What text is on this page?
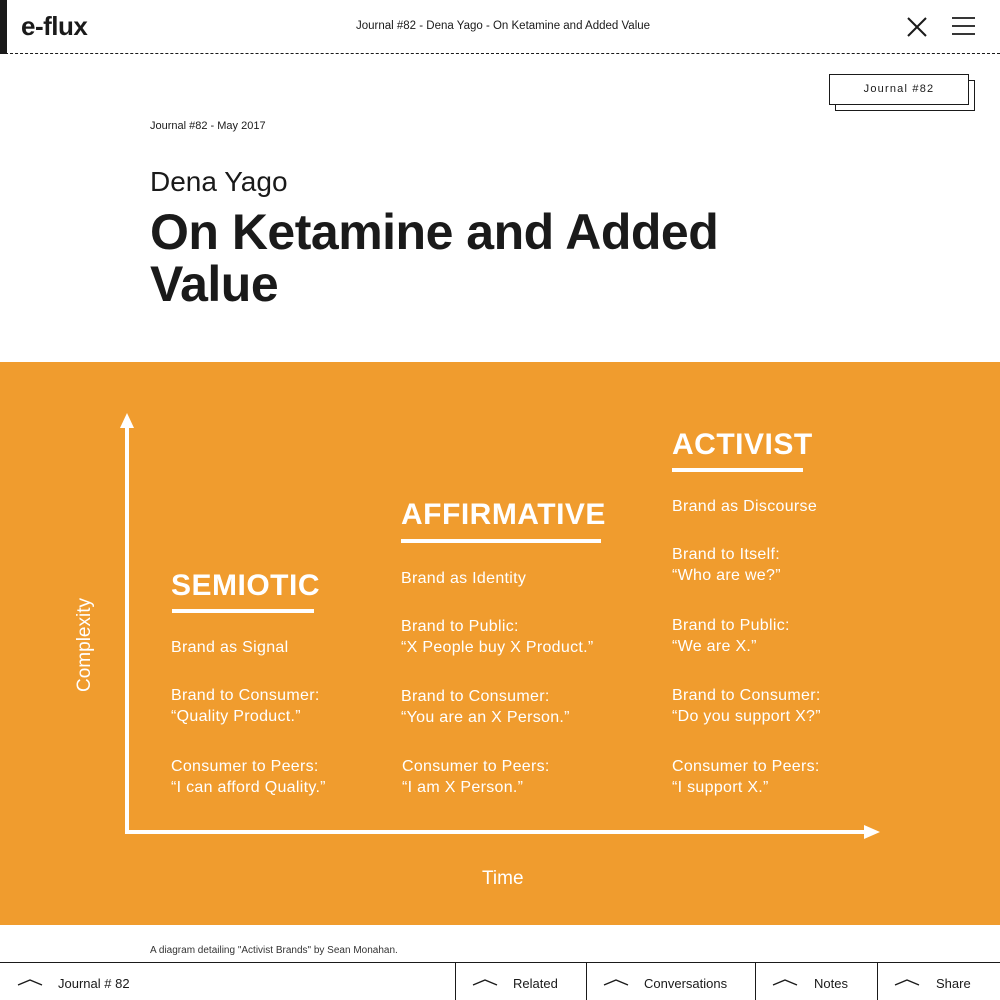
e-flux	Journal #82 - Dena Yago - On Ketamine and Added Value
Journal #82
Journal #82 - May 2017
Dena Yago
On Ketamine and Added Value
Complexity
Time
SEMIOTIC
Brand as Signal
Brand to Consumer:
“Quality Product.”
Consumer to Peers:
“I can afford Quality.”
AFFIRMATIVE
Brand as Identity
Brand to Public:
“X People buy X Product.”
Brand to Consumer:
“You are an X Person.”
Consumer to Peers:
“I am X Person.”
ACTIVIST
Brand as Discourse
Brand to Itself:
“Who are we?”
Brand to Public:
“We are X.”
Brand to Consumer:
“Do you support X?”
Consumer to Peers:
“I support X.”
A diagram detailing "Activist Brands" by Sean Monahan.
Journal # 82	Related	Conversations	Notes	Share
